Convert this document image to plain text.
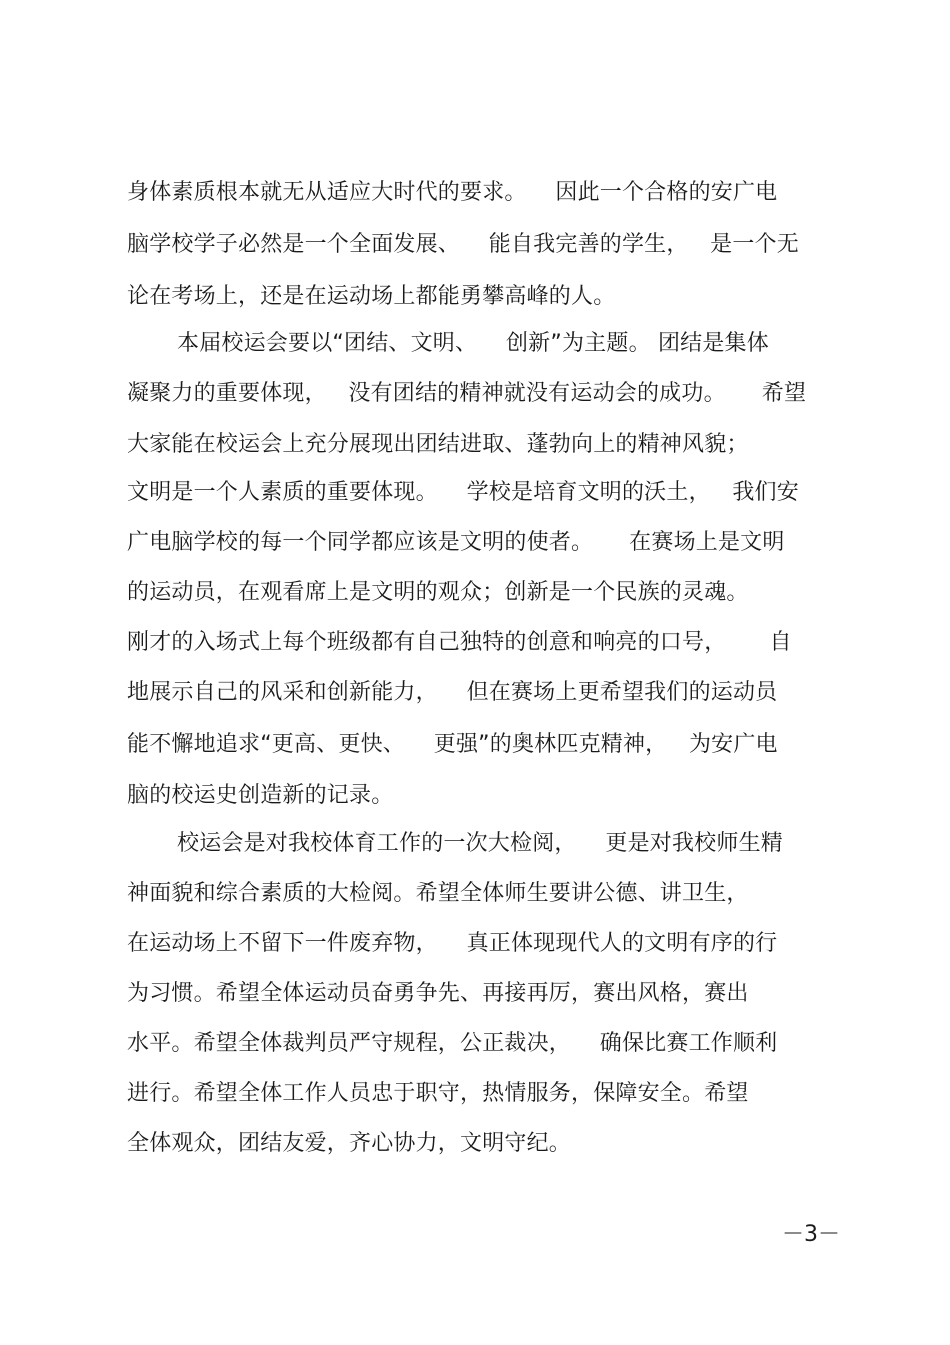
身体素质根本就无从适应大时代的要求。    因此一个合格的安广电
脑学校学子必然是一个全面发展、    能自我完善的学生，   是一个无
论在考场上，还是在运动场上都能勇攀高峰的人。
本届校运会要以“团结、文明、    创新”为主题。 团结是集体
凝聚力的重要体现，   没有团结的精神就没有运动会的成功。     希望
大家能在校运会上充分展现出团结进取、蓬勃向上的精神风貌；
文明是一个人素质的重要体现。    学校是培育文明的沃土，   我们安
广电脑学校的每一个同学都应该是文明的使者。     在赛场上是文明
的运动员，在观看席上是文明的观众；创新是一个民族的灵魂。
刚才的入场式上每个班级都有自己独特的创意和响亮的口号，      自
地展示自己的风采和创新能力，    但在赛场上更希望我们的运动员
能不懈地追求“更高、更快、    更强”的奥林匹克精神，   为安广电
脑的校运史创造新的记录。
校运会是对我校体育工作的一次大检阅，    更是对我校师生精
神面貌和综合素质的大检阅。希望全体师生要讲公德、讲卫生，
在运动场上不留下一件废弃物，    真正体现现代人的文明有序的行
为习惯。希望全体运动员奋勇争先、再接再厉，赛出风格，赛出
水平。希望全体裁判员严守规程，公正裁决，    确保比赛工作顺利
进行。希望全体工作人员忠于职守，热情服务，保障安全。希望
全体观众，团结友爱，齐心协力，文明守纪。
－3－
